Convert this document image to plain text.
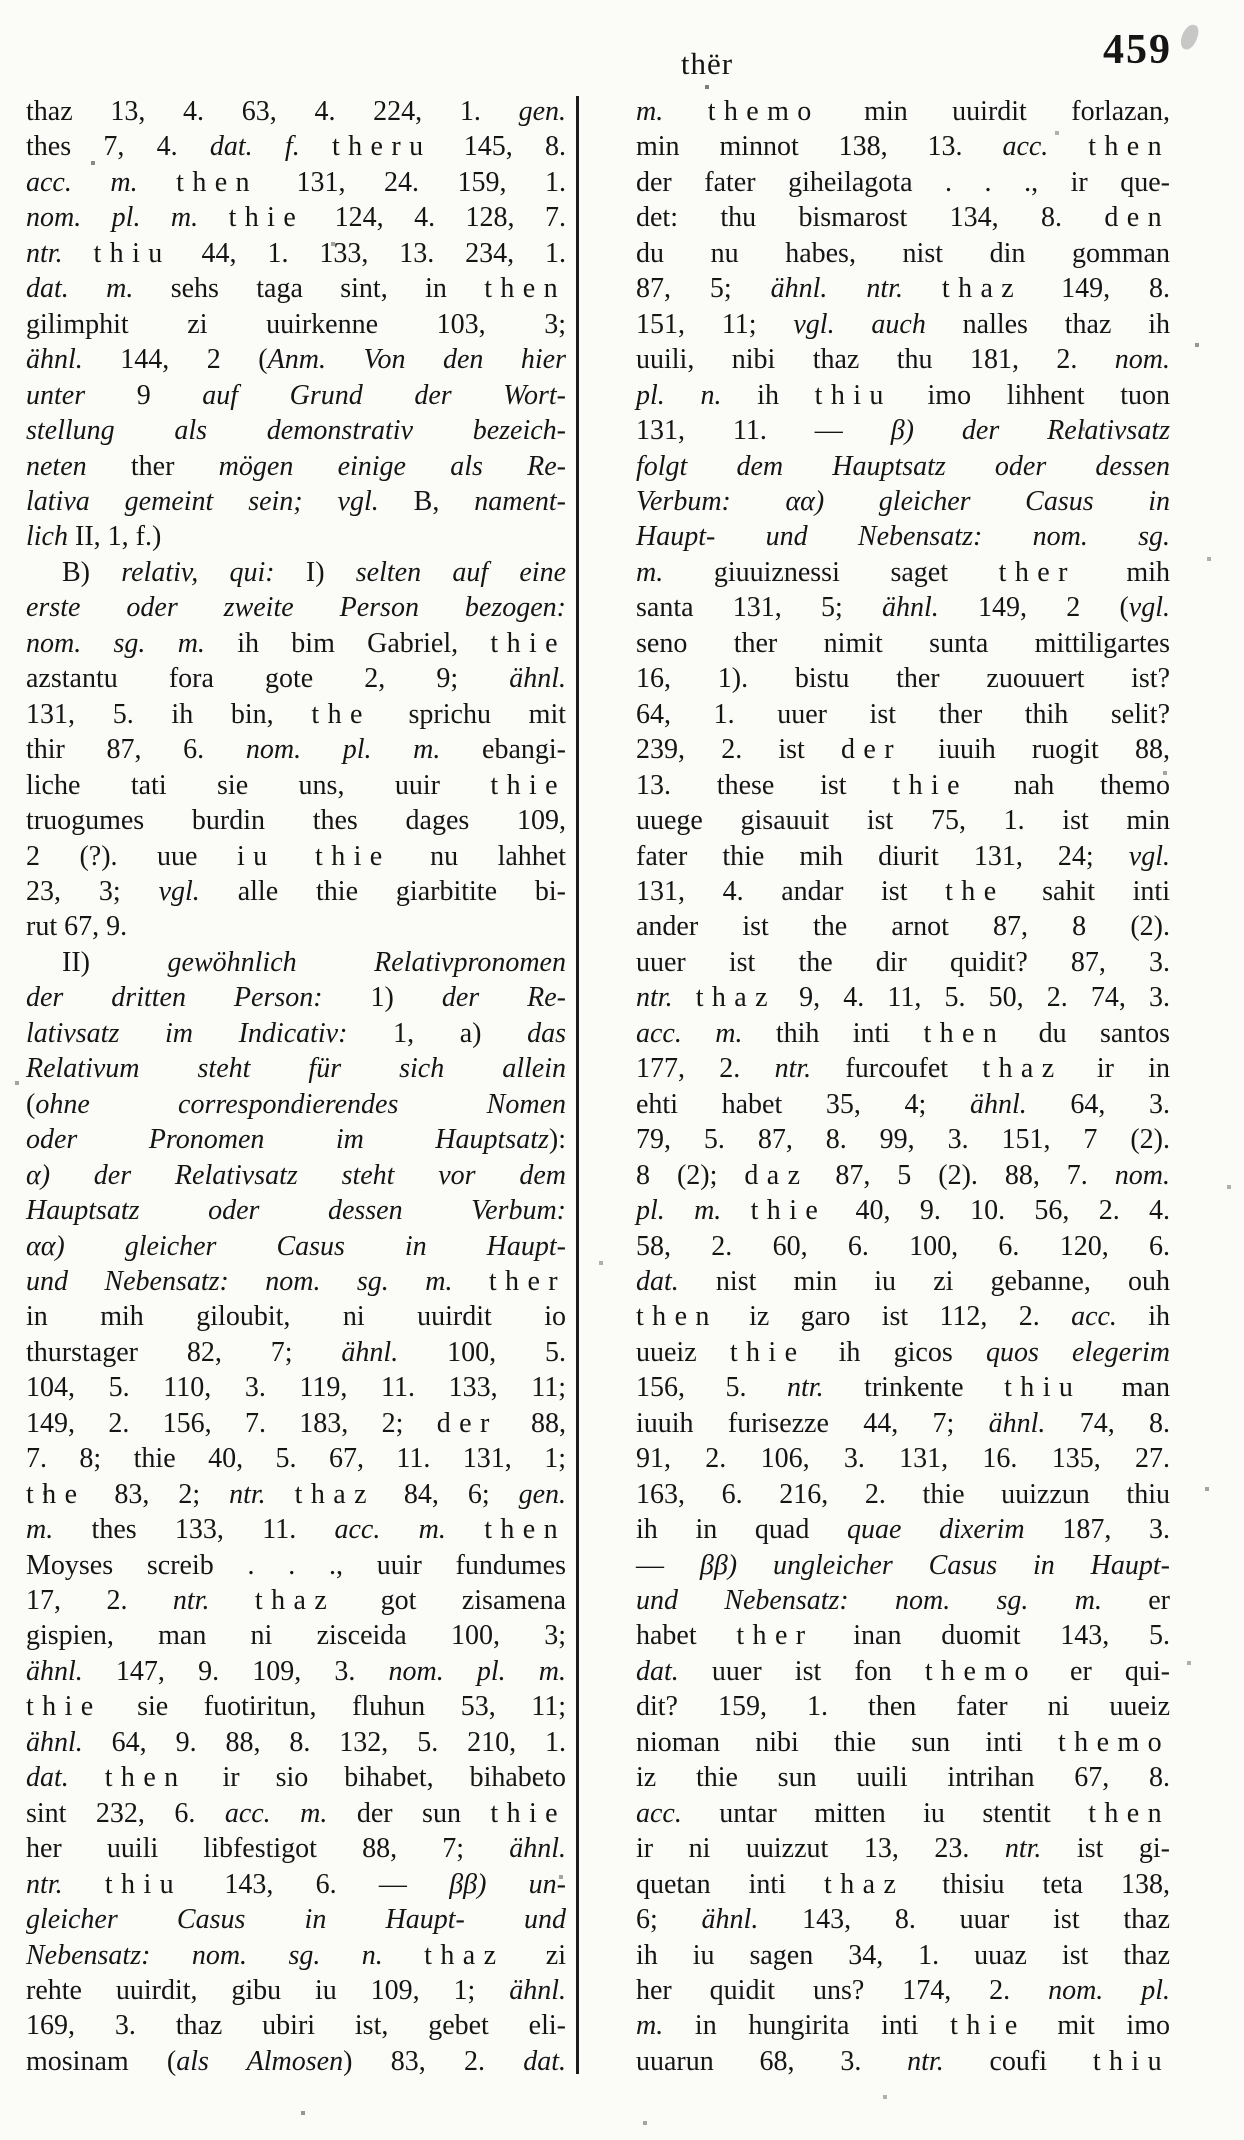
thër	459
thaz 13, 4. 63, 4. 224, 1. gen.
thes 7, 4. dat. f. theru 145, 8.
acc. m. then 131, 24. 159, 1.
nom. pl. m. thie 124, 4. 128, 7.
ntr. thiu 44, 1. 133, 13. 234, 1.
dat. m. sehs taga sint, in then
gilimphit zi uuirkenne 103, 3;
ähnl. 144, 2 (Anm. Von den hier
unter 9 auf Grund der Wort-
stellung als demonstrativ bezeich-
neten ther mögen einige als Re-
lativa gemeint sein; vgl. B, nament-
lich II, 1, f.)
B) relativ, qui: I) selten auf eine
erste oder zweite Person bezogen:
nom. sg. m. ih bim Gabriel, thie
azstantu fora gote 2, 9; ähnl.
131, 5. ih bin, the sprichu mit
thir 87, 6. nom. pl. m. ebangi-
liche tati sie uns, uuir thie
truogumes burdin thes dages 109,
2 (?). uue iu thie nu lahhet
23, 3; vgl. alle thie giarbitite bi-
rut 67, 9.
II) gewöhnlich Relativpronomen
der dritten Person: 1) der Re-
lativsatz im Indicativ: 1, a) das
Relativum steht für sich allein
(ohne correspondierendes Nomen
oder Pronomen im Hauptsatz):
α) der Relativsatz steht vor dem
Hauptsatz oder dessen Verbum:
αα) gleicher Casus in Haupt-
und Nebensatz: nom. sg. m. ther
in mih giloubit, ni uuirdit io
thurstager 82, 7; ähnl. 100, 5.
104, 5. 110, 3. 119, 11. 133, 11;
149, 2. 156, 7. 183, 2; der 88,
7. 8; thie 40, 5. 67, 11. 131, 1;
the 83, 2; ntr. thaz 84, 6; gen.
m. thes 133, 11. acc. m. then
Moyses screib . . ., uuir fundumes
17, 2. ntr. thaz got zisamena
gispien, man ni zisceida 100, 3;
ähnl. 147, 9. 109, 3. nom. pl. m.
thie sie fuotiritun, fluhun 53, 11;
ähnl. 64, 9. 88, 8. 132, 5. 210, 1.
dat. then ir sio bihabet, bihabeto
sint 232, 6. acc. m. der sun thie
her uuili libfestigot 88, 7; ähnl.
ntr. thiu 143, 6. — ββ) un-
gleicher Casus in Haupt- und
Nebensatz: nom. sg. n. thaz zi
rehte uuirdit, gibu iu 109, 1; ähnl.
169, 3. thaz ubiri ist, gebet eli-
mosinam (als Almosen) 83, 2. dat.
m. themo min uuirdit forlazan,
min minnot 138, 13. acc. then
der fater giheilagota . . ., ir que-
det: thu bismarost 134, 8. den
du nu habes, nist din gomman
87, 5; ähnl. ntr. thaz 149, 8.
151, 11; vgl. auch nalles thaz ih
uuili, nibi thaz thu 181, 2. nom.
pl. n. ih thiu imo lihhent tuon
131, 11. — β) der Relativsatz
folgt dem Hauptsatz oder dessen
Verbum: αα) gleicher Casus in
Haupt- und Nebensatz: nom. sg.
m. giuuiznessi saget ther mih
santa 131, 5; ähnl. 149, 2 (vgl.
seno ther nimit sunta mittiligartes
16, 1). bistu ther zuouuert ist?
64, 1. uuer ist ther thih selit?
239, 2. ist der iuuih ruogit 88,
13. these ist thie nah themo
uuege gisauuit ist 75, 1. ist min
fater thie mih diurit 131, 24; vgl.
131, 4. andar ist the sahit inti
ander ist the arnot 87, 8 (2).
uuer ist the dir quidit? 87, 3.
ntr. thaz 9, 4. 11, 5. 50, 2. 74, 3.
acc. m. thih inti then du santos
177, 2. ntr. furcoufet thaz ir in
ehti habet 35, 4; ähnl. 64, 3.
79, 5. 87, 8. 99, 3. 151, 7 (2).
8 (2); daz 87, 5 (2). 88, 7. nom.
pl. m. thie 40, 9. 10. 56, 2. 4.
58, 2. 60, 6. 100, 6. 120, 6.
dat. nist min iu zi gebanne, ouh
then iz garo ist 112, 2. acc. ih
uueiz thie ih gicos quos elegerim
156, 5. ntr. trinkente thiu man
iuuih furisezze 44, 7; ähnl. 74, 8.
91, 2. 106, 3. 131, 16. 135, 27.
163, 6. 216, 2. thie uuizzun thiu
ih in quad quae dixerim 187, 3.
— ββ) ungleicher Casus in Haupt-
und Nebensatz: nom. sg. m. er
habet ther inan duomit 143, 5.
dat. uuer ist fon themo er qui-
dit? 159, 1. then fater ni uueiz
nioman nibi thie sun inti themo
iz thie sun uuili intrihan 67, 8.
acc. untar mitten iu stentit then
ir ni uuizzut 13, 23. ntr. ist gi-
quetan inti thaz thisiu teta 138,
6; ähnl. 143, 8. uuar ist thaz
ih iu sagen 34, 1. uuaz ist thaz
her quidit uns? 174, 2. nom. pl.
m. in hungirita inti thie mit imo
uuarun 68, 3. ntr. coufi thiu
